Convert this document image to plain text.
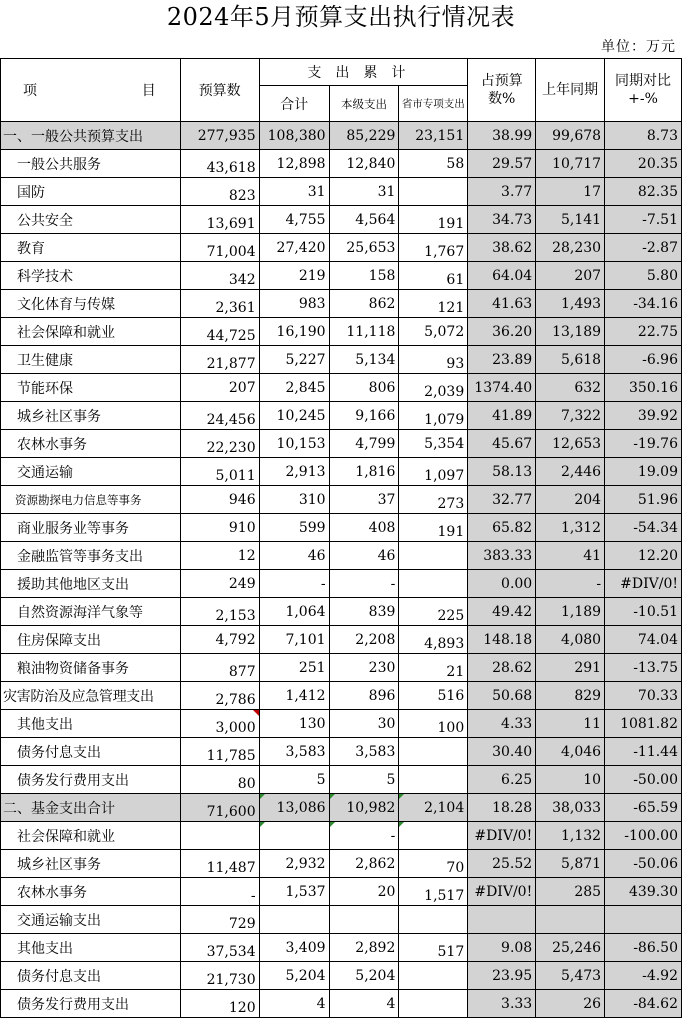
2024年5月预算支出执行情况表
单位：万元
项 目	预算数	支出累计			占预算数%	上年同期	同期对比+-%
		合计	本级支出	省市专项支出			
一、一般公共预算支出	277,935	108,380	85,229	23,151	38.99	99,678	8.73
一般公共服务	43,618	12,898	12,840	58	29.57	10,717	20.35
国防	823	31	31		3.77	17	82.35
公共安全	13,691	4,755	4,564	191	34.73	5,141	-7.51
教育	71,004	27,420	25,653	1,767	38.62	28,230	-2.87
科学技术	342	219	158	61	64.04	207	5.80
文化体育与传媒	2,361	983	862	121	41.63	1,493	-34.16
社会保障和就业	44,725	16,190	11,118	5,072	36.20	13,189	22.75
卫生健康	21,877	5,227	5,134	93	23.89	5,618	-6.96
节能环保	207	2,845	806	2,039	1374.40	632	350.16
城乡社区事务	24,456	10,245	9,166	1,079	41.89	7,322	39.92
农林水事务	22,230	10,153	4,799	5,354	45.67	12,653	-19.76
交通运输	5,011	2,913	1,816	1,097	58.13	2,446	19.09
资源勘探电力信息等事务	946	310	37	273	32.77	204	51.96
商业服务业等事务	910	599	408	191	65.82	1,312	-54.34
金融监管等事务支出	12	46	46		383.33	41	12.20
援助其他地区支出	249	-	-		0.00	-	#DIV/0!
自然资源海洋气象等	2,153	1,064	839	225	49.42	1,189	-10.51
住房保障支出	4,792	7,101	2,208	4,893	148.18	4,080	74.04
粮油物资储备事务	877	251	230	21	28.62	291	-13.75
灾害防治及应急管理支出	2,786	1,412	896	516	50.68	829	70.33
其他支出	3,000	130	30	100	4.33	11	1081.82
债务付息支出	11,785	3,583	3,583		30.40	4,046	-11.44
债务发行费用支出	80	5	5		6.25	10	-50.00
二、基金支出合计	71,600	13,086	10,982	2,104	18.28	38,033	-65.59
社会保障和就业			-		#DIV/0!	1,132	-100.00
城乡社区事务	11,487	2,932	2,862	70	25.52	5,871	-50.06
农林水事务	-	1,537	20	1,517	#DIV/0!	285	439.30
交通运输支出	729						
其他支出	37,534	3,409	2,892	517	9.08	25,246	-86.50
债务付息支出	21,730	5,204	5,204		23.95	5,473	-4.92
债务发行费用支出	120	4	4		3.33	26	-84.62
